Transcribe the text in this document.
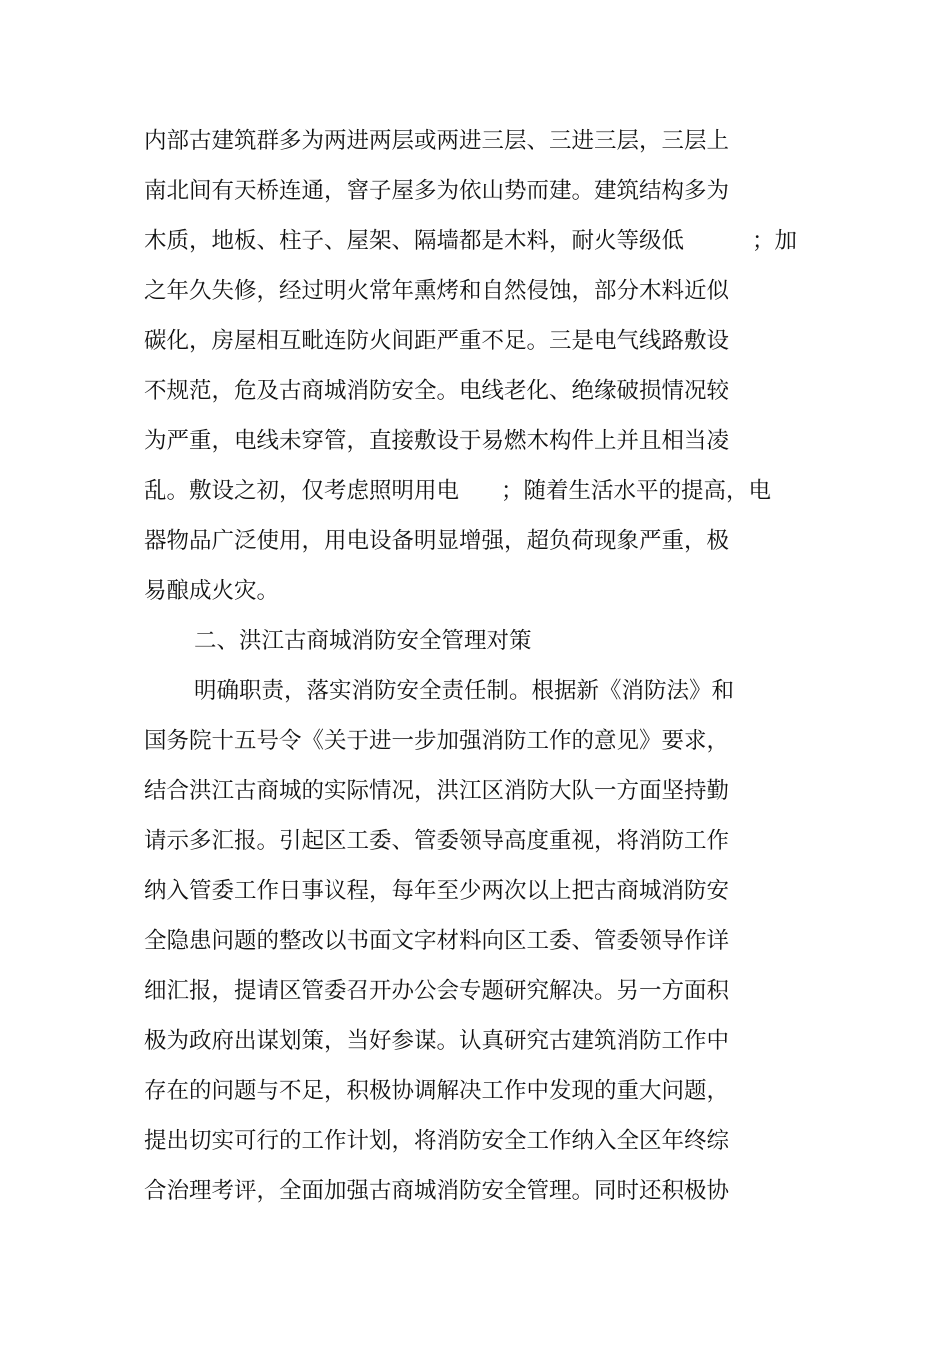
内部古建筑群多为两进两层或两进三层、三进三层，三层上
南北间有天桥连通，窨子屋多为依山势而建。建筑结构多为
木质，地板、柱子、屋架、隔墙都是木料，耐火等级低	；加
之年久失修，经过明火常年熏烤和自然侵蚀，部分木料近似
碳化，房屋相互毗连防火间距严重不足。三是电气线路敷设
不规范，危及古商城消防安全。电线老化、绝缘破损情况较
为严重，电线未穿管，直接敷设于易燃木构件上并且相当凌
乱。敷设之初，仅考虑照明用电 ；随着生活水平的提高，电
器物品广泛使用，用电设备明显增强，超负荷现象严重，极
易酿成火灾。
二、洪江古商城消防安全管理对策
明确职责，落实消防安全责任制。根据新《消防法》和
国务院十五号令《关于进一步加强消防工作的意见》要求，
结合洪江古商城的实际情况，洪江区消防大队一方面坚持勤
请示多汇报。引起区工委、管委领导高度重视，将消防工作
纳入管委工作日事议程，每年至少两次以上把古商城消防安
全隐患问题的整改以书面文字材料向区工委、管委领导作详
细汇报，提请区管委召开办公会专题研究解决。另一方面积
极为政府出谋划策，当好参谋。认真研究古建筑消防工作中
存在的问题与不足，积极协调解决工作中发现的重大问题，
提出切实可行的工作计划，将消防安全工作纳入全区年终综
合治理考评，全面加强古商城消防安全管理。同时还积极协
